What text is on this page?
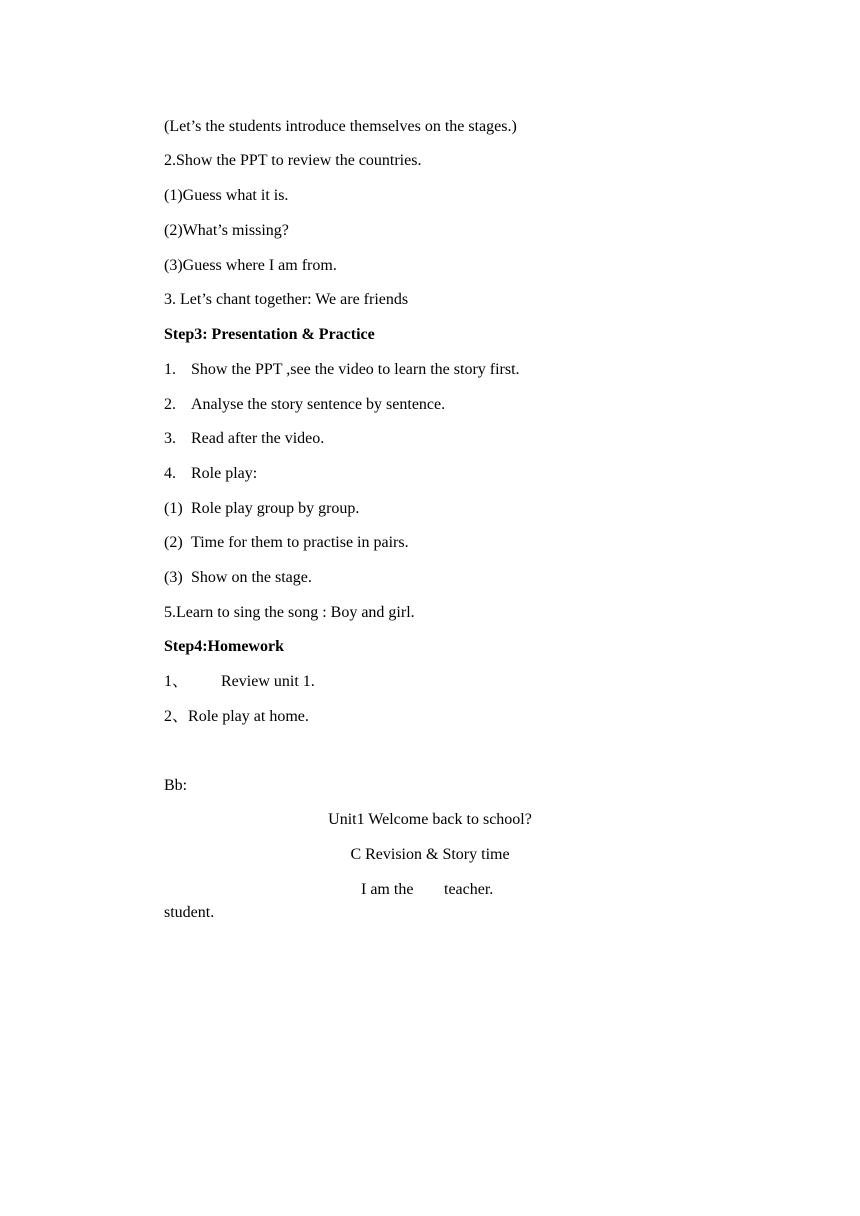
(Let’s the students introduce themselves on the stages.)
2.Show the PPT to review the countries.
(1)Guess what it is.
(2)What’s missing?
(3)Guess where I am from.
3. Let’s chant together: We are friends
Step3: Presentation & Practice
1. Show the PPT ,see the video to learn the story first.
2. Analyse the story sentence by sentence.
3. Read after the video.
4. Role play:
(1) Role play group by group.
(2) Time for them to practise in pairs.
(3) Show on the stage.
5.Learn to sing the song : Boy and girl.
Step4:Homework
1、 Review unit 1.
2、Role play at home.
Bb:
Unit1 Welcome back to school?
C Revision & Story time
I am the teacher.
student.
